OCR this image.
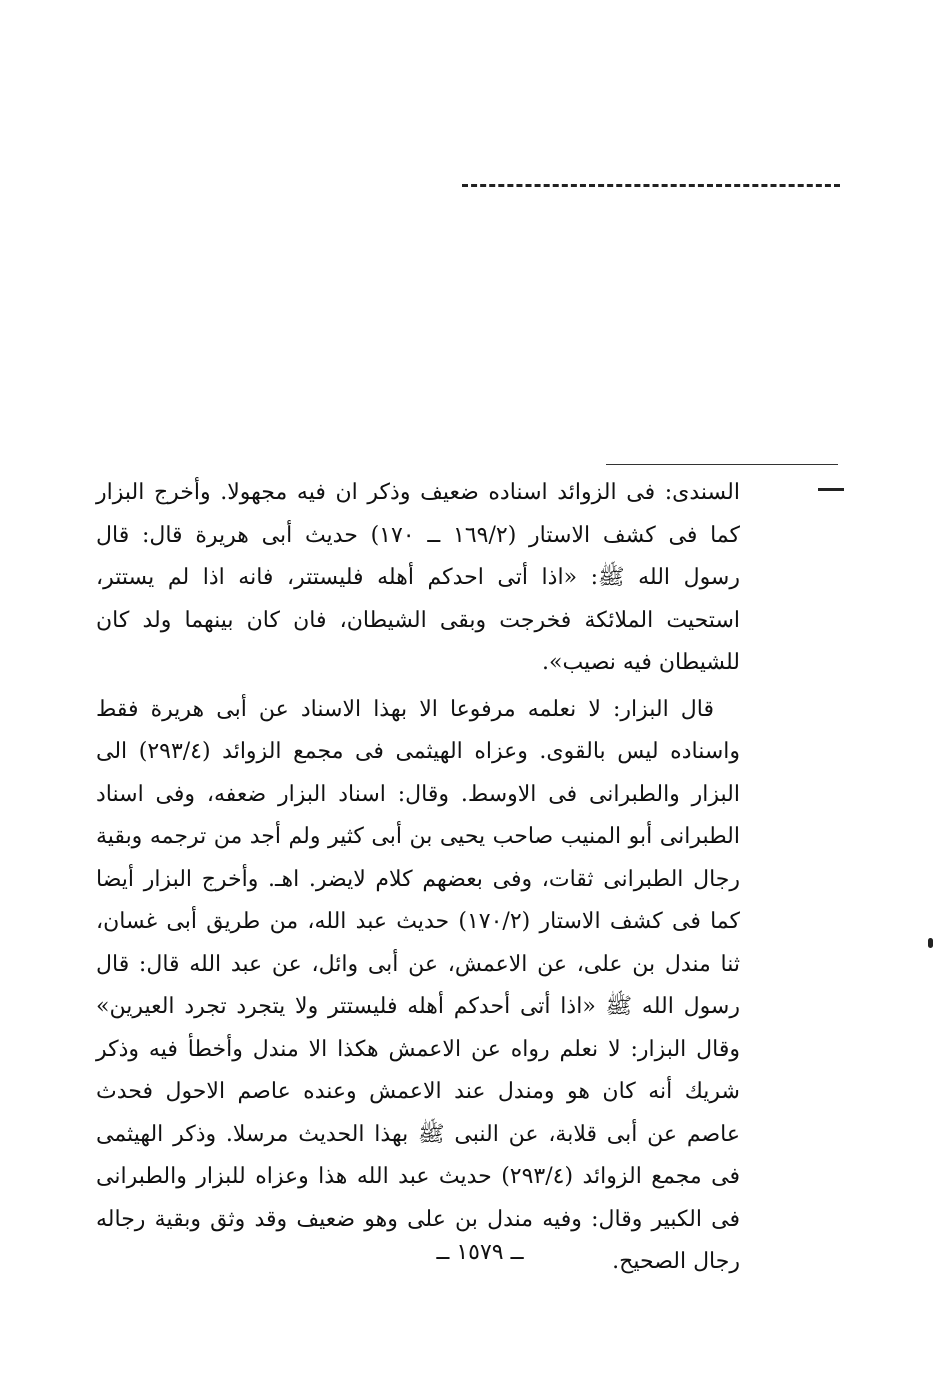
السندى: فى الزوائد اسناده ضعيف وذكر ان فيه مجهولا. وأخرج البزار كما فى كشف الاستار (١٦٩/٢ ــ ١٧٠) حديث أبى هريرة قال: قال رسول الله ﷺ: «اذا أتى احدكم أهله فليستتر، فانه اذا لم يستتر، استحيت الملائكة فخرجت وبقى الشيطان، فان كان بينهما ولد كان للشيطان فيه نصيب».

قال البزار: لا نعلمه مرفوعا الا بهذا الاسناد عن أبى هريرة فقط واسناده ليس بالقوى. وعزاه الهيثمى فى مجمع الزوائد (٢٩٣/٤) الى البزار والطبرانى فى الاوسط. وقال: اسناد البزار ضعفه، وفى اسناد الطبرانى أبو المنيب صاحب يحيى بن أبى كثير ولم أجد من ترجمه وبقية رجال الطبرانى ثقات، وفى بعضهم كلام لايضر. اهـ. وأخرج البزار أيضا كما فى كشف الاستار (١٧٠/٢) حديث عبد الله، من طريق أبى غسان، ثنا مندل بن على، عن الاعمش، عن أبى وائل، عن عبد الله قال: قال رسول الله ﷺ «اذا أتى أحدكم أهله فليستتر ولا يتجرد تجرد العيرين» وقال البزار: لا نعلم رواه عن الاعمش هكذا الا مندل وأخطأ فيه وذكر شريك أنه كان هو ومندل عند الاعمش وعنده عاصم الاحول فحدث عاصم عن أبى قلابة، عن النبى ﷺ بهذا الحديث مرسلا. وذكر الهيثمى فى مجمع الزوائد (٢٩٣/٤) حديث عبد الله هذا وعزاه للبزار والطبرانى فى الكبير وقال: وفيه مندل بن على وهو ضعيف وقد وثق وبقية رجاله رجال الصحيح.

ــ ١٥٧٩ ــ
